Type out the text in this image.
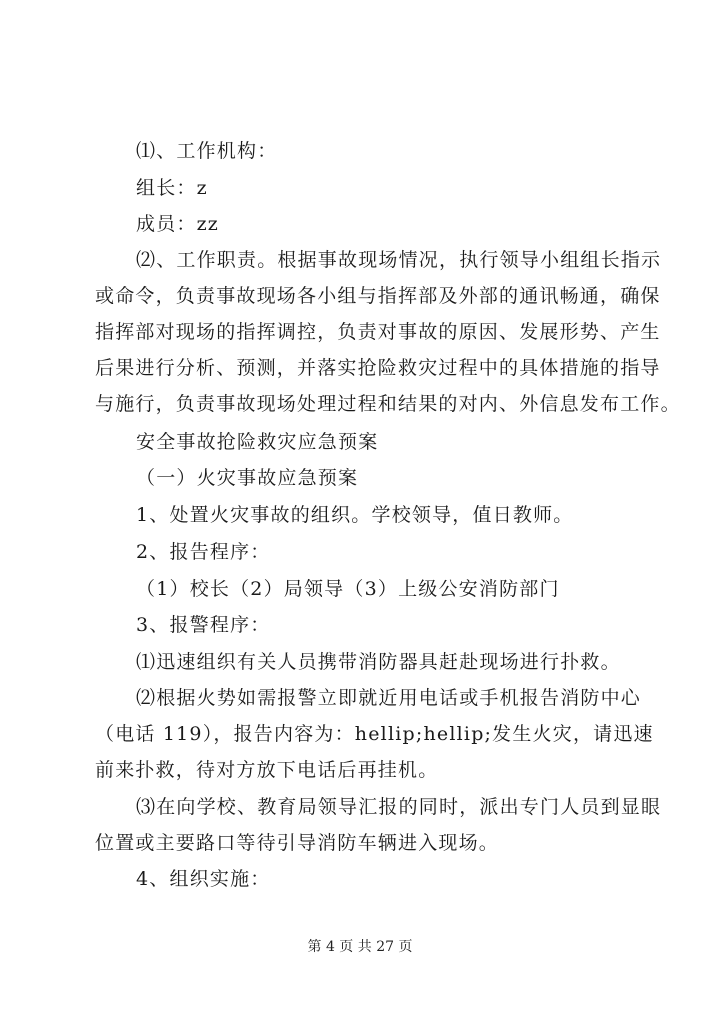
⑴、工作机构：
组长：z
成员：zz
⑵、工作职责。根据事故现场情况，执行领导小组组长指示
或命令，负责事故现场各小组与指挥部及外部的通讯畅通，确保
指挥部对现场的指挥调控，负责对事故的原因、发展形势、产生
后果进行分析、预测，并落实抢险救灾过程中的具体措施的指导
与施行，负责事故现场处理过程和结果的对内、外信息发布工作。
安全事故抢险救灾应急预案
（一）火灾事故应急预案
1、处置火灾事故的组织。学校领导，值日教师。
2、报告程序：
（1）校长（2）局领导（3）上级公安消防部门
3、报警程序：
⑴迅速组织有关人员携带消防器具赶赴现场进行扑救。
⑵根据火势如需报警立即就近用电话或手机报告消防中心
（电话 119），报告内容为：hellip;hellip;发生火灾，请迅速
前来扑救，待对方放下电话后再挂机。
⑶在向学校、教育局领导汇报的同时，派出专门人员到显眼
位置或主要路口等待引导消防车辆进入现场。
4、组织实施：
第 4 页 共 27 页
